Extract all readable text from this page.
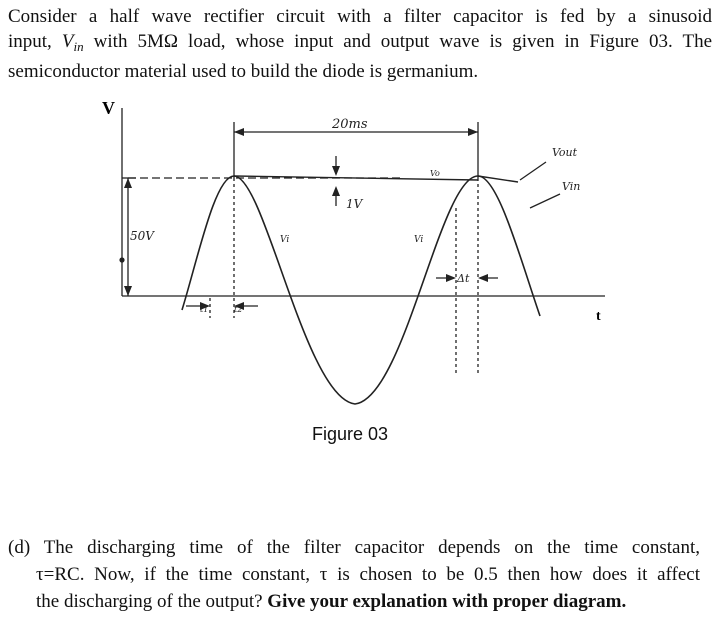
Consider a half wave rectifier circuit with a filter capacitor is fed by a sinusoid
input, $V_{in}$ with 5MΩ load, whose input and output wave is given in Figure 03. The
semiconductor material used to build the diode is germanium.
V
t
20ms
1V
50V
Vout
Vin
Vi	Vi
Vo
t1	t2
Δt
Figure 03
(d) The discharging time of the filter capacitor depends on the time constant,
τ=RC. Now, if the time constant, τ is chosen to be 0.5 then how does it affect
the discharging of the output? Give your explanation with proper diagram.
